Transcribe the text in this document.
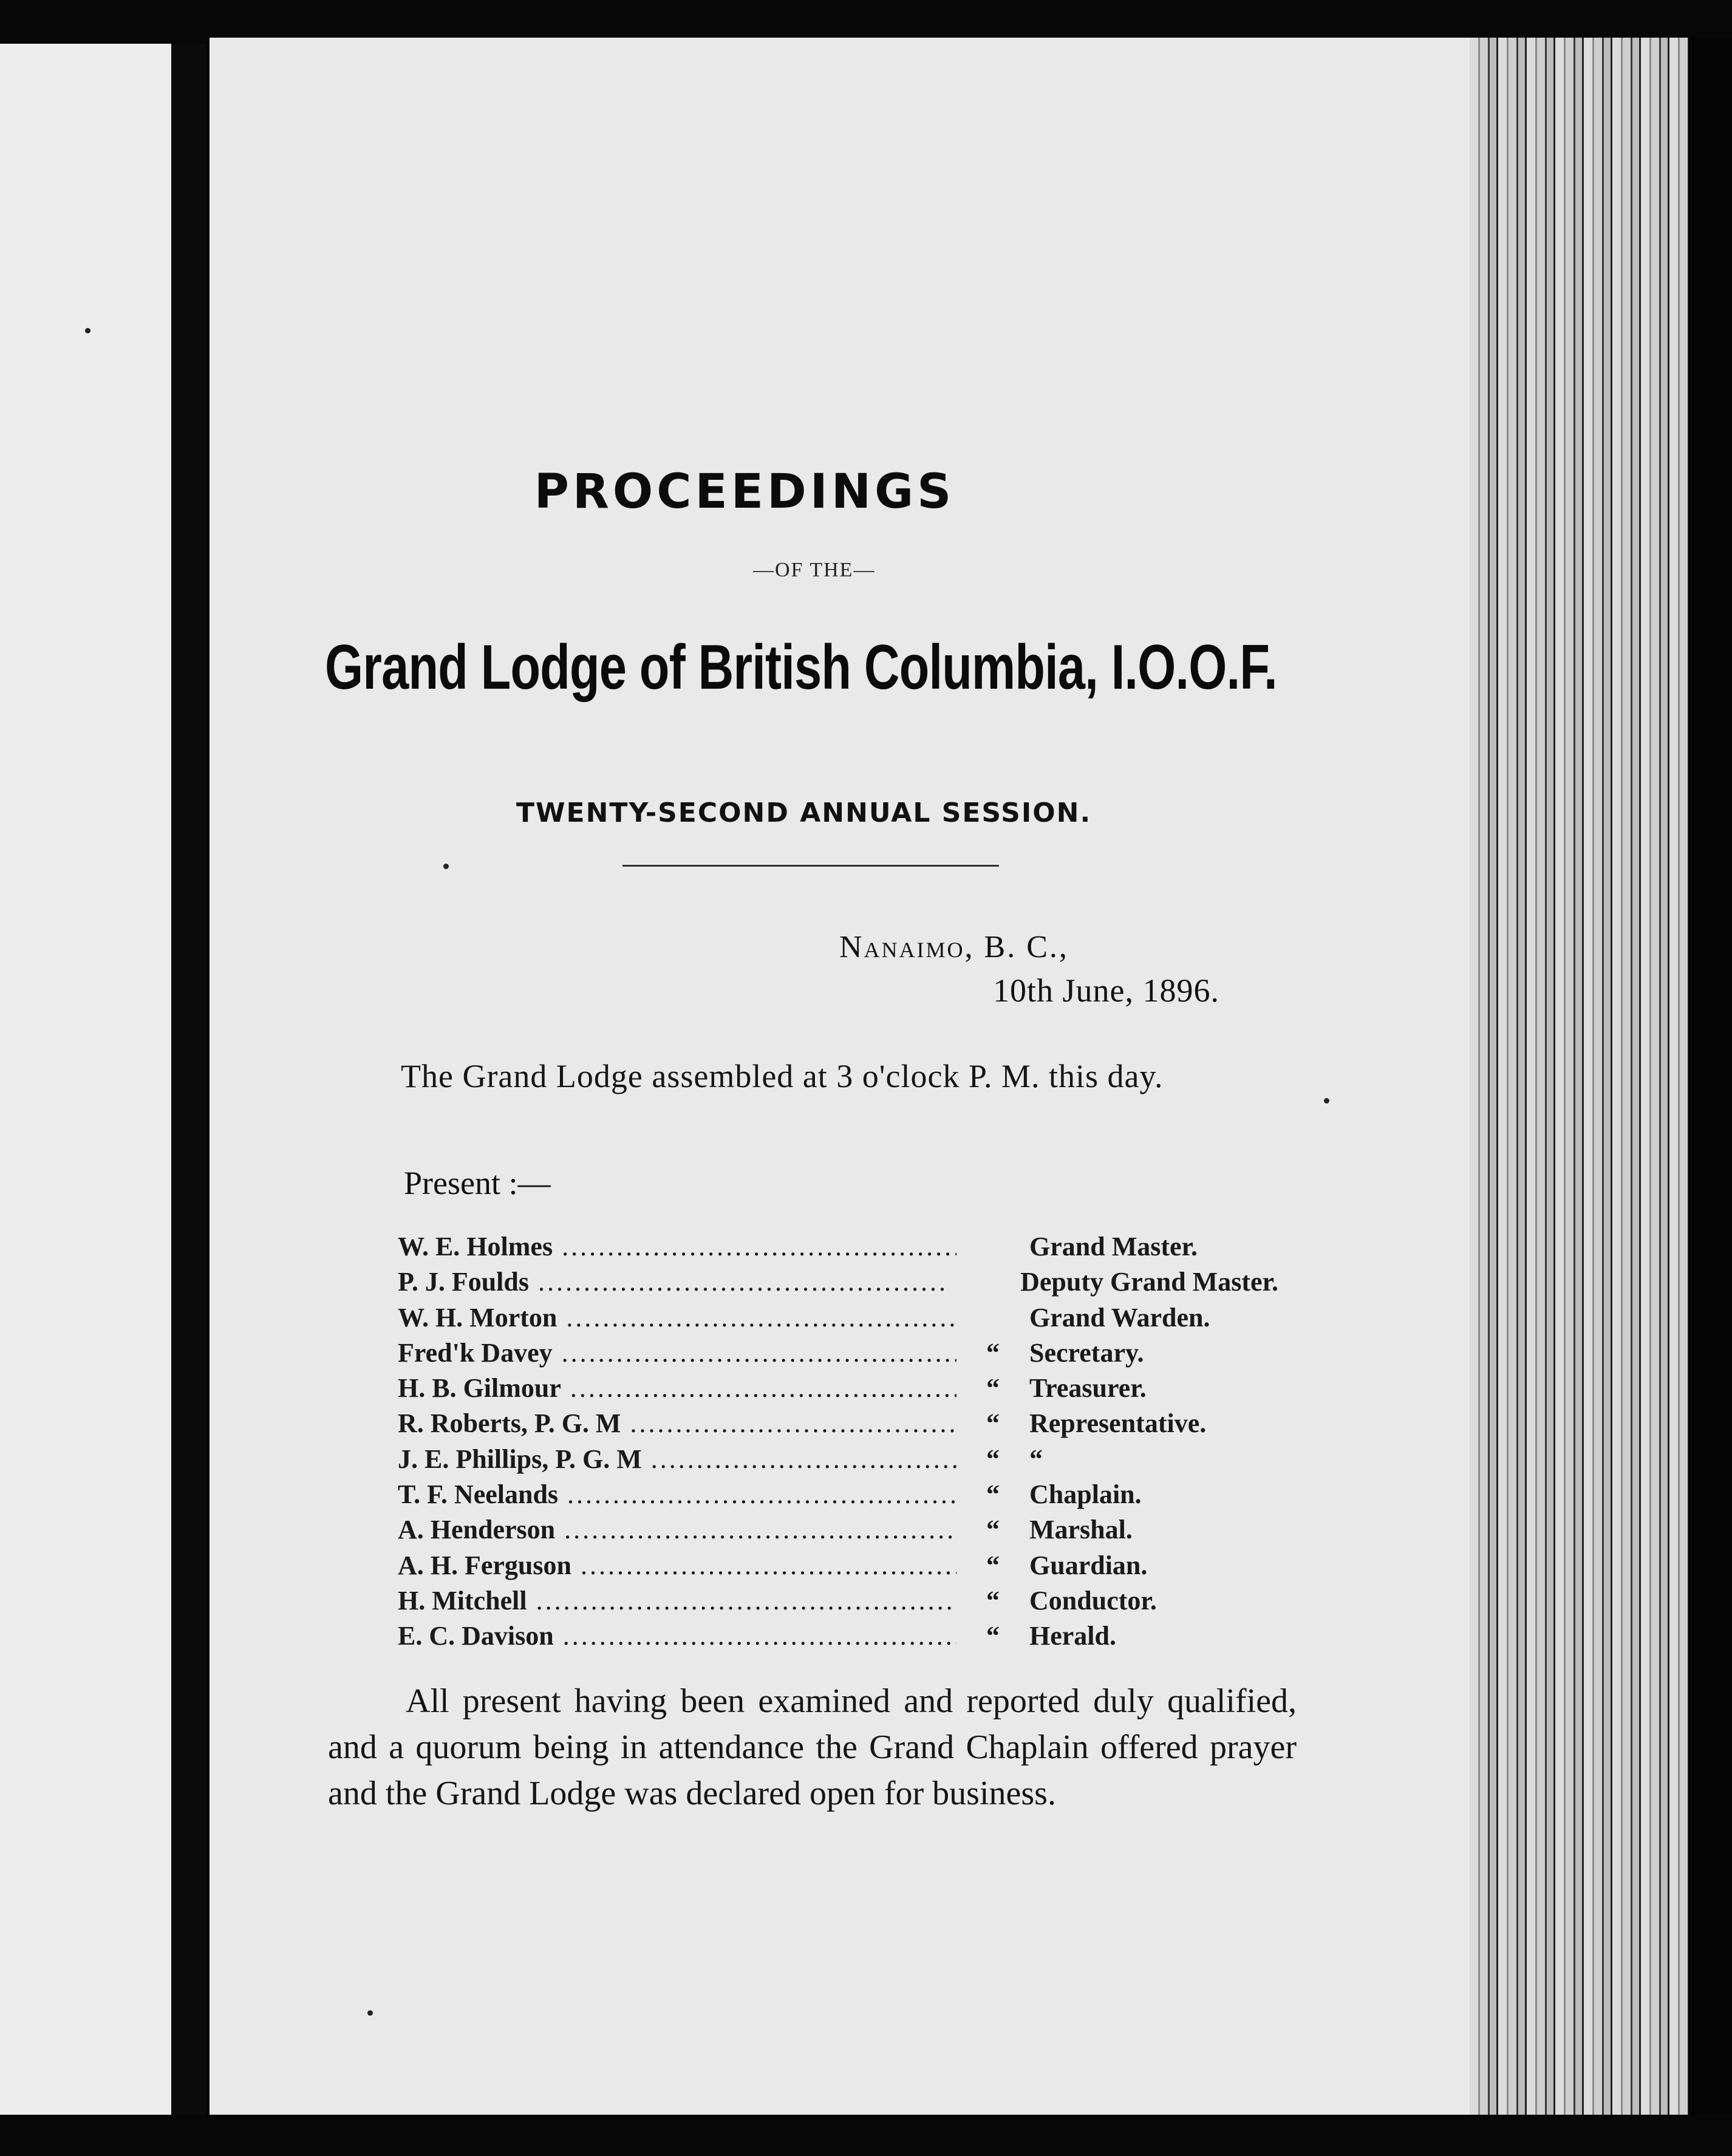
PROCEEDINGS
—OF THE—
Grand Lodge of British Columbia, I.O.O.F.
TWENTY-SECOND ANNUAL SESSION.
Nanaimo, B. C.,
10th June, 1896.
The Grand Lodge assembled at 3 o'clock P. M. this day.
Present :—
W. E. Holmes .....	Grand Master.
P. J. Foulds .....	Deputy Grand Master.
W. H. Morton .....	Grand Warden.
Fred'k Davey .....	“	Secretary.
H. B. Gilmour .....	“	Treasurer.
R. Roberts, P. G. M .....	“	Representative.
J. E. Phillips, P. G. M .....	“	“
T. F. Neelands .....	“	Chaplain.
A. Henderson .....	“	Marshal.
A. H. Ferguson .....	“	Guardian.
H. Mitchell .....	“	Conductor.
E. C. Davison .....	“	Herald.
All present having been examined and reported duly qualified, and a quorum being in attendance the Grand Chaplain offered prayer and the Grand Lodge was declared open for business.
